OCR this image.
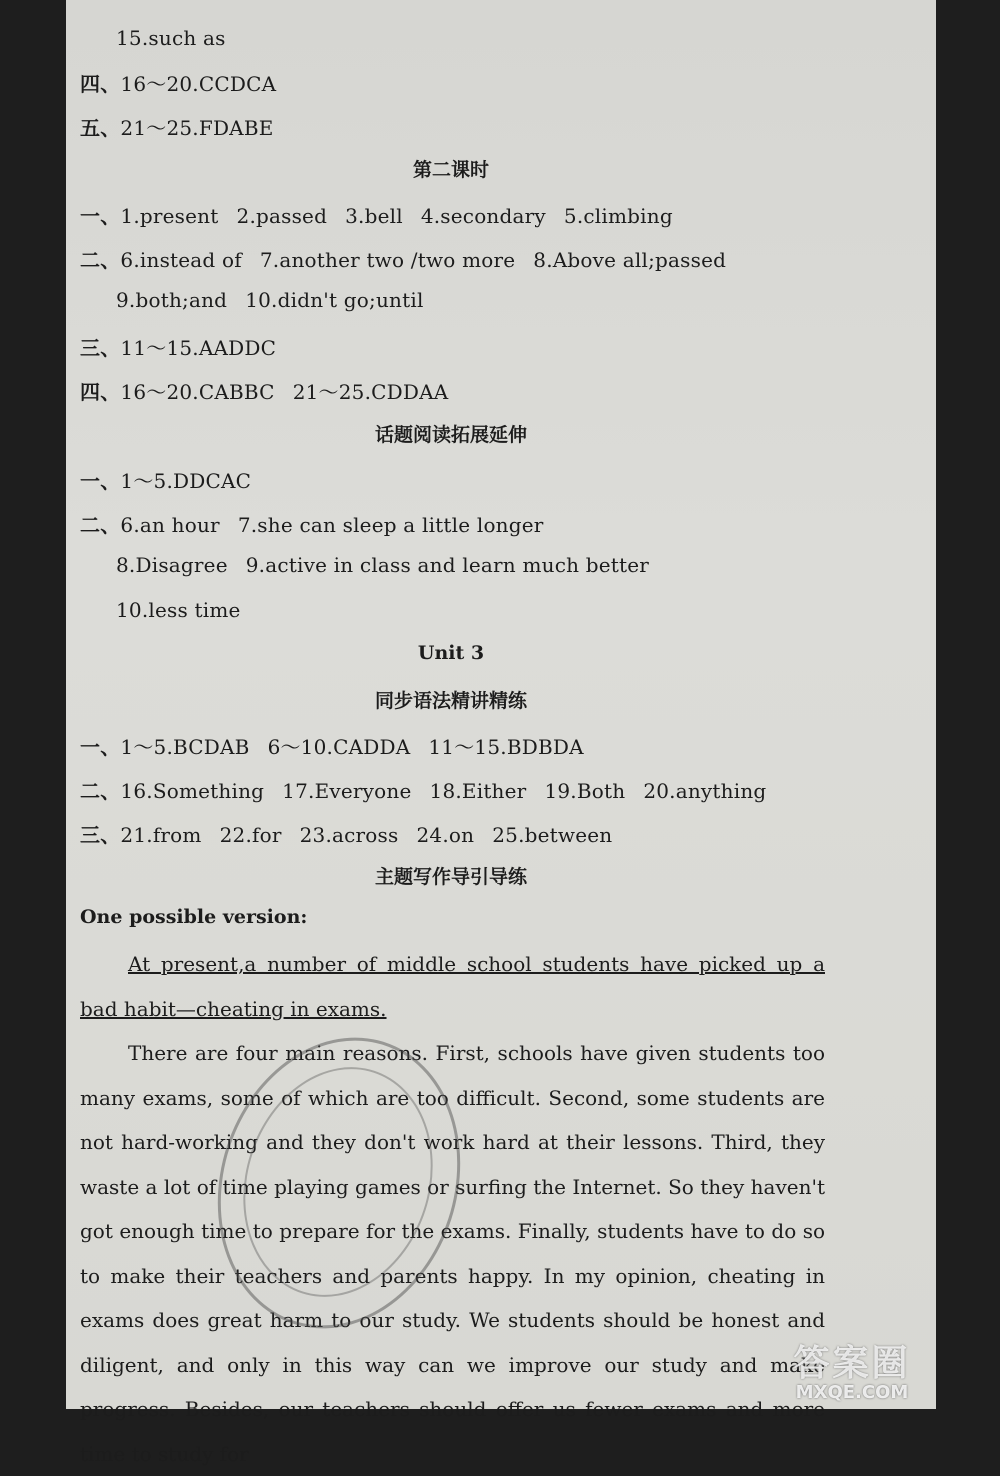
15.such as
四、16～20.CCDCA
五、21～25.FDABE
第二课时
一、1.present 2.passed 3.bell 4.secondary 5.climbing
二、6.instead of 7.another two /two more 8.Above all;passed
9.both;and 10.didn't go;until
三、11～15.AADDC
四、16～20.CABBC 21～25.CDDAA
话题阅读拓展延伸
一、1～5.DDCAC
二、6.an hour 7.she can sleep a little longer
8.Disagree 9.active in class and learn much better
10.less time
Unit 3
同步语法精讲精练
一、1～5.BCDAB 6～10.CADDA 11～15.BDBDA
二、16.Something 17.Everyone 18.Either 19.Both 20.anything
三、21.from 22.for 23.across 24.on 25.between
主题写作导引导练
One possible version:

At present,a number of middle school students have picked up a bad habit—cheating in exams.

There are four main reasons. First, schools have given students too many exams, some of which are too difficult. Second, some students are not hard-working and they don't work hard at their lessons. Third, they waste a lot of time playing games or surfing the Internet. So they haven't got enough time to prepare for the exams. Finally, students have to do so to make their teachers and parents happy. In my opinion, cheating in exams does great harm to our study. We students should be honest and diligent, and only in this way can we improve our study and make progress. Besides, our teachers should offer us fewer exams and more time to study for

答案圈
MXQE.COM
